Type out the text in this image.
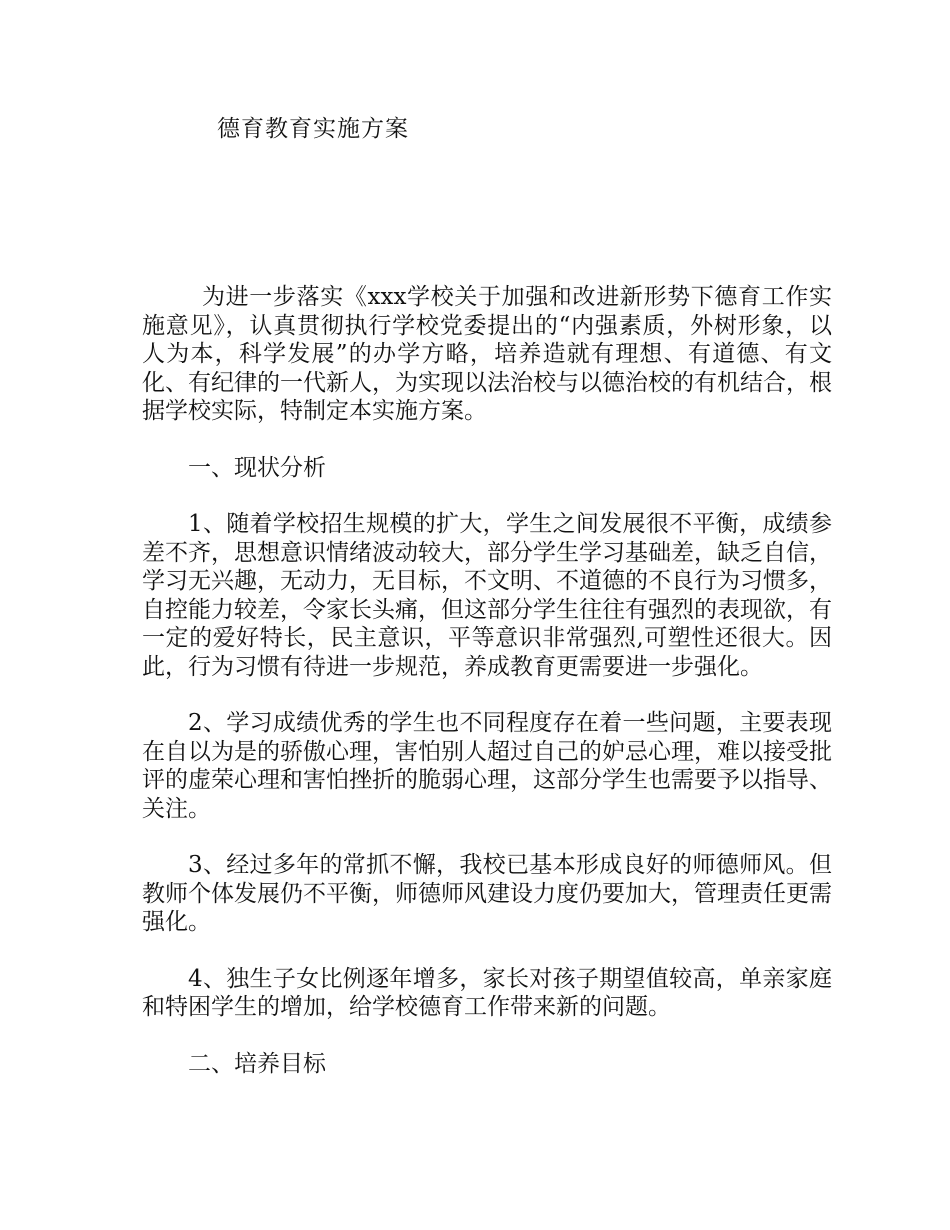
德育教育实施方案

为进一步落实《xxx学校关于加强和改进新形势下德育工作实施意见》，认真贯彻执行学校党委提出的“内强素质，外树形象，以人为本，科学发展”的办学方略，培养造就有理想、有道德、有文化、有纪律的一代新人，为实现以法治校与以德治校的有机结合，根据学校实际，特制定本实施方案。

一、现状分析

1、随着学校招生规模的扩大，学生之间发展很不平衡，成绩参差不齐，思想意识情绪波动较大，部分学生学习基础差，缺乏自信，学习无兴趣，无动力，无目标，不文明、不道德的不良行为习惯多，自控能力较差，令家长头痛，但这部分学生往往有强烈的表现欲，有一定的爱好特长，民主意识，平等意识非常强烈,可塑性还很大。因此，行为习惯有待进一步规范，养成教育更需要进一步强化。

2、学习成绩优秀的学生也不同程度存在着一些问题，主要表现在自以为是的骄傲心理，害怕别人超过自己的妒忌心理，难以接受批评的虚荣心理和害怕挫折的脆弱心理，这部分学生也需要予以指导、关注。

3、经过多年的常抓不懈，我校已基本形成良好的师德师风。但教师个体发展仍不平衡，师德师风建设力度仍要加大，管理责任更需强化。

4、独生子女比例逐年增多，家长对孩子期望值较高，单亲家庭和特困学生的增加，给学校德育工作带来新的问题。

二、培养目标
